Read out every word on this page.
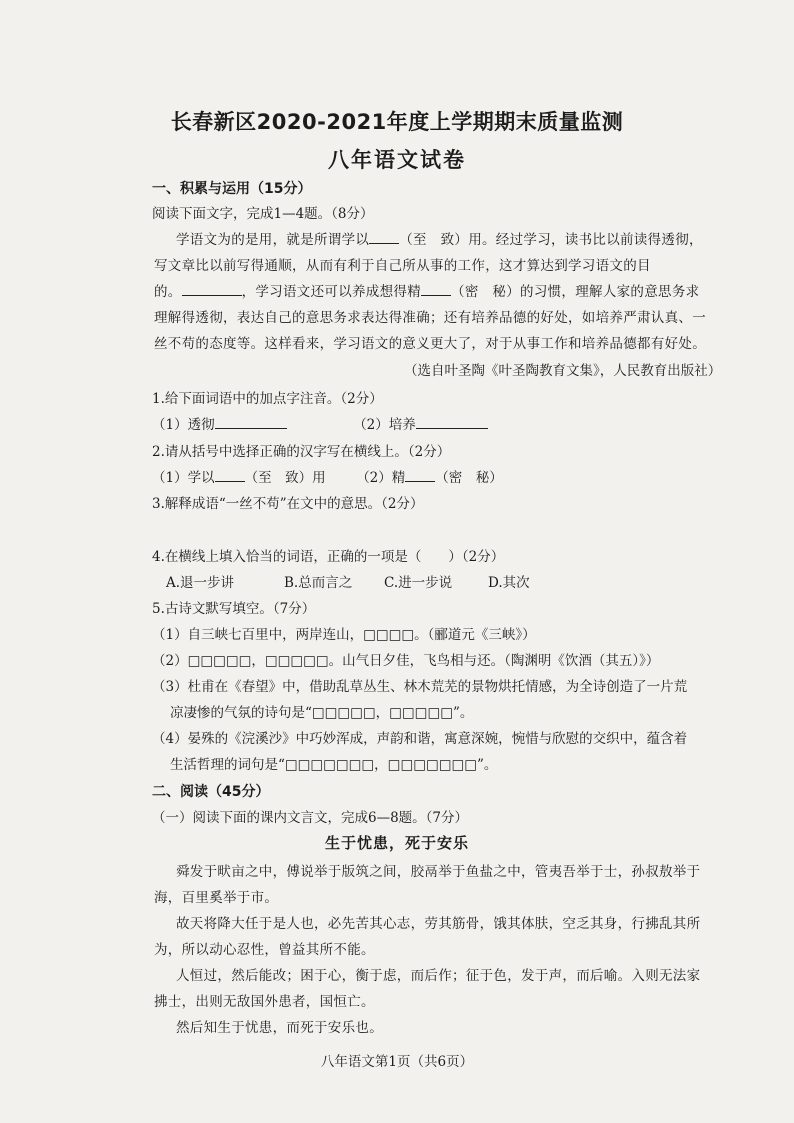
长春新区2020-2021年度上学期期末质量监测
八年语文试卷
一、积累与运用（15分）
阅读下面文字，完成1—4题。（8分）
学语文为的是用，就是所谓学以 （至　致）用。经过学习，读书比以前读得透彻，
写文章比以前写得通顺，从而有利于自己所从事的工作，这才算达到学习语文的目
的。	，学习语文还可以养成想得精 （密　秘）的习惯，理解人家的意思务求
理解得透彻，表达自己的意思务求表达得准确；还有培养品德的好处，如培养严肃认真、一
丝不苟的态度等。这样看来，学习语文的意义更大了，对于从事工作和培养品德都有好处。
（选自叶圣陶《叶圣陶教育文集》，人民教育出版社）
1.给下面词语中的加点字注音。（2分）
（1）透彻	（2）培养
2.请从括号中选择正确的汉字写在横线上。（2分）
（1）学以 （至　致）用 （2）精 （密　秘）
3.解释成语“一丝不苟”在文中的意思。（2分）
4.在横线上填入恰当的词语，正确的一项是（　　）（2分）
A.退一步讲	B.总而言之 C.进一步说	D.其次
5.古诗文默写填空。（7分）
（1）自三峡七百里中，两岸连山，□□□□。（郦道元《三峡》）
（2）□□□□□，□□□□□。山气日夕佳，飞鸟相与还。（陶渊明《饮酒（其五）》）
（3）杜甫在《春望》中，借助乱草丛生、林木荒芜的景物烘托情感，为全诗创造了一片荒
凉凄惨的气氛的诗句是“□□□□□，□□□□□”。
（4）晏殊的《浣溪沙》中巧妙浑成，声韵和谐，寓意深婉，惋惜与欣慰的交织中，蕴含着
生活哲理的词句是“□□□□□□□，□□□□□□□”。
二、阅读（45分）
（一）阅读下面的课内文言文，完成6—8题。（7分）
生于忧患，死于安乐
舜发于畎亩之中，傅说举于版筑之间，胶鬲举于鱼盐之中，管夷吾举于士，孙叔敖举于
海，百里奚举于市。
故天将降大任于是人也，必先苦其心志，劳其筋骨，饿其体肤，空乏其身，行拂乱其所
为，所以动心忍性，曾益其所不能。
人恒过，然后能改；困于心，衡于虑，而后作；征于色，发于声，而后喻。入则无法家
拂士，出则无敌国外患者，国恒亡。
然后知生于忧患，而死于安乐也。
八年语文第1页（共6页）
